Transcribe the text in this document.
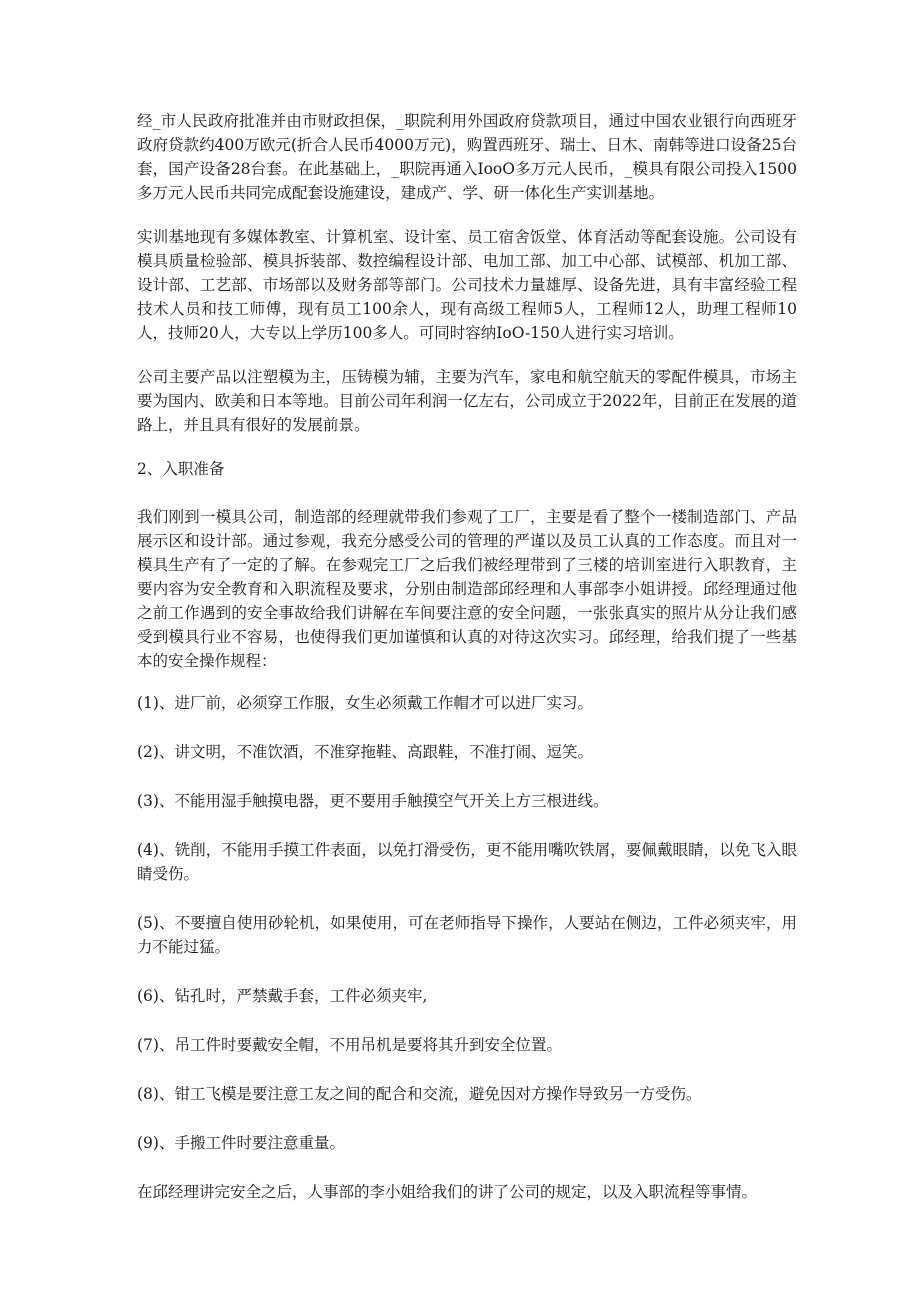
经_市人民政府批准并由市财政担保，_职院利用外国政府贷款项目，通过中国农业银行向西班牙政府贷款约400万欧元(折合人民币4000万元)，购置西班牙、瑞士、日木、南韩等进口设备25台套，国产设备28台套。在此基础上，_职院再通入IooO多万元人民币，_模具有限公司投入1500多万元人民币共同完成配套设施建设，建成产、学、研一体化生产实训基地。

实训基地现有多媒体教室、计算机室、设计室、员工宿舍饭堂、体育活动等配套设施。公司设有模具质量检验部、模具拆装部、数控编程设计部、电加工部、加工中心部、试模部、机加工部、设计部、工艺部、市场部以及财务部等部门。公司技术力量雄厚、设备先进，具有丰富经验工程技术人员和技工师傅，现有员工100余人，现有高级工程师5人，工程师12人，助理工程师10人，技师20人，大专以上学历100多人。可同时容纳IoO-150人进行实习培训。

公司主要产品以注塑模为主，压铸模为辅，主要为汽车，家电和航空航天的零配件模具，市场主要为国内、欧美和日本等地。目前公司年利润一亿左右，公司成立于2022年，目前正在发展的道路上，并且具有很好的发展前景。

2、入职准备

我们刚到一模具公司，制造部的经理就带我们参观了工厂，主要是看了整个一楼制造部门、产品展示区和设计部。通过参观，我充分感受公司的管理的严谨以及员工认真的工作态度。而且对一模具生产有了一定的了解。在参观完工厂之后我们被经理带到了三楼的培训室进行入职教育，主要内容为安全教育和入职流程及要求，分别由制造部邱经理和人事部李小姐讲授。邱经理通过他之前工作遇到的安全事故给我们讲解在车间要注意的安全问题，一张张真实的照片从分让我们感受到模具行业不容易，也使得我们更加谨慎和认真的对待这次实习。邱经理，给我们提了一些基本的安全操作规程：

(1)、进厂前，必须穿工作服，女生必须戴工作帽才可以进厂实习。

(2)、讲文明，不准饮酒，不准穿拖鞋、高跟鞋，不准打闹、逗笑。

(3)、不能用湿手触摸电器，更不要用手触摸空气开关上方三根进线。

(4)、铣削，不能用手摸工件表面，以免打滑受伤，更不能用嘴吹铁屑，要佩戴眼睛，以免飞入眼睛受伤。

(5)、不要擅自使用砂轮机，如果使用，可在老师指导下操作，人要站在侧边，工件必须夹牢，用力不能过猛。

(6)、钻孔时，严禁戴手套，工件必须夹牢,

(7)、吊工件时要戴安全帽，不用吊机是要将其升到安全位置。

(8)、钳工飞模是要注意工友之间的配合和交流，避免因对方操作导致另一方受伤。

(9)、手搬工件时要注意重量。

在邱经理讲完安全之后，人事部的李小姐给我们的讲了公司的规定，以及入职流程等事情。
